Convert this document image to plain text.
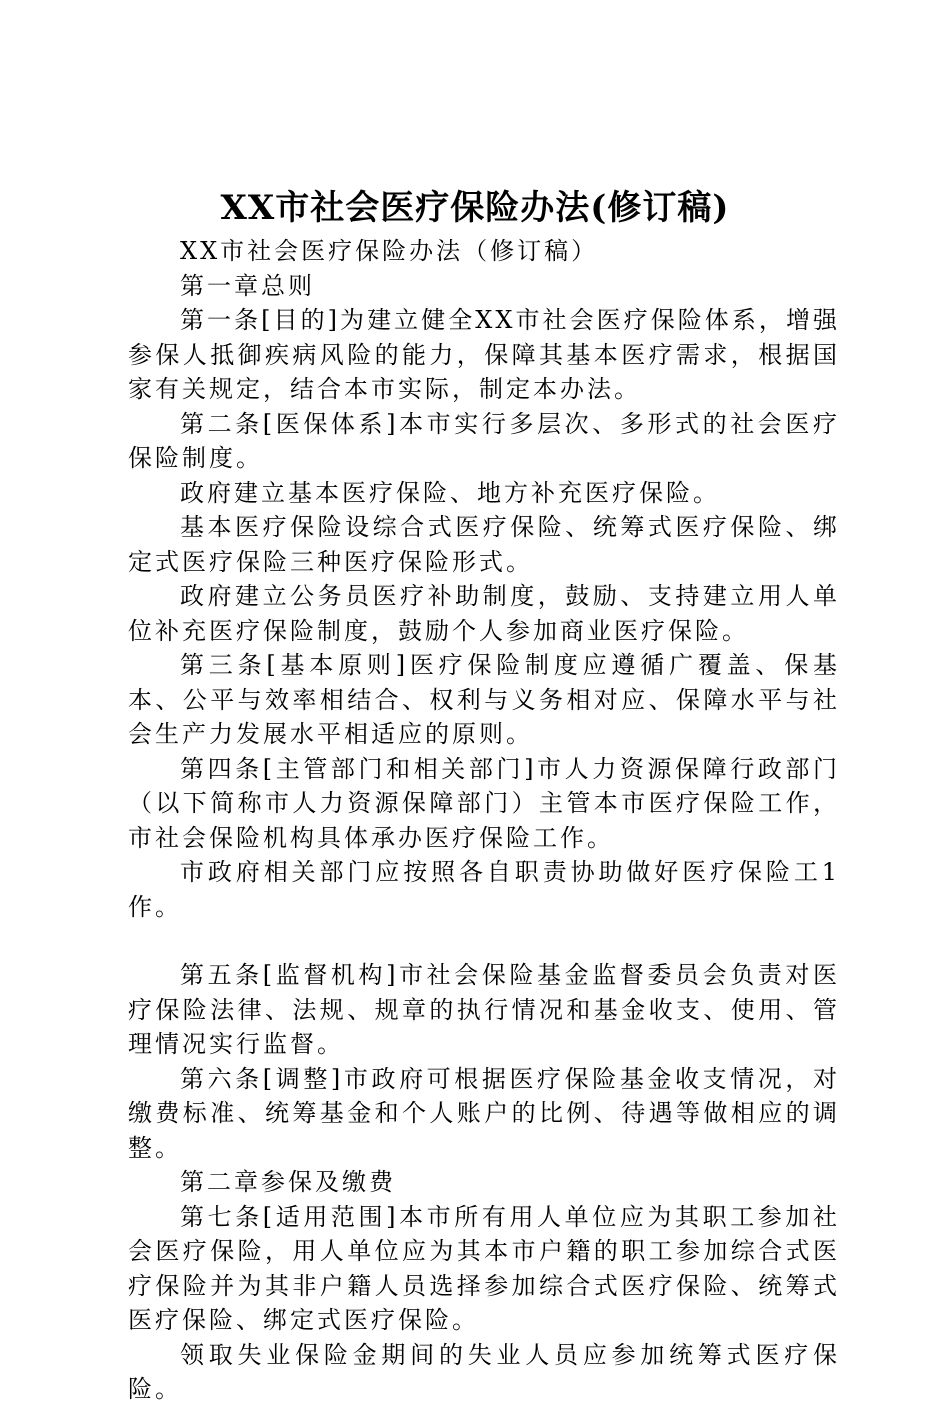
XX市社会医疗保险办法(修订稿)

XX市社会医疗保险办法（修订稿）

第一章总则

第一条[目的]为建立健全XX市社会医疗保险体系，增强参保人抵御疾病风险的能力，保障其基本医疗需求，根据国家有关规定，结合本市实际，制定本办法。

第二条[医保体系]本市实行多层次、多形式的社会医疗保险制度。

政府建立基本医疗保险、地方补充医疗保险。

基本医疗保险设综合式医疗保险、统筹式医疗保险、绑定式医疗保险三种医疗保险形式。

政府建立公务员医疗补助制度，鼓励、支持建立用人单位补充医疗保险制度，鼓励个人参加商业医疗保险。

第三条[基本原则]医疗保险制度应遵循广覆盖、保基本、公平与效率相结合、权利与义务相对应、保障水平与社会生产力发展水平相适应的原则。

第四条[主管部门和相关部门]市人力资源保障行政部门（以下简称市人力资源保障部门）主管本市医疗保险工作，市社会保险机构具体承办医疗保险工作。

市政府相关部门应按照各自职责协助做好医疗保险工1作。

第五条[监督机构]市社会保险基金监督委员会负责对医疗保险法律、法规、规章的执行情况和基金收支、使用、管理情况实行监督。

第六条[调整]市政府可根据医疗保险基金收支情况，对缴费标准、统筹基金和个人账户的比例、待遇等做相应的调整。

第二章参保及缴费

第七条[适用范围]本市所有用人单位应为其职工参加社会医疗保险，用人单位应为其本市户籍的职工参加综合式医疗保险并为其非户籍人员选择参加综合式医疗保险、统筹式医疗保险、绑定式医疗保险。

领取失业保险金期间的失业人员应参加统筹式医疗保险。
